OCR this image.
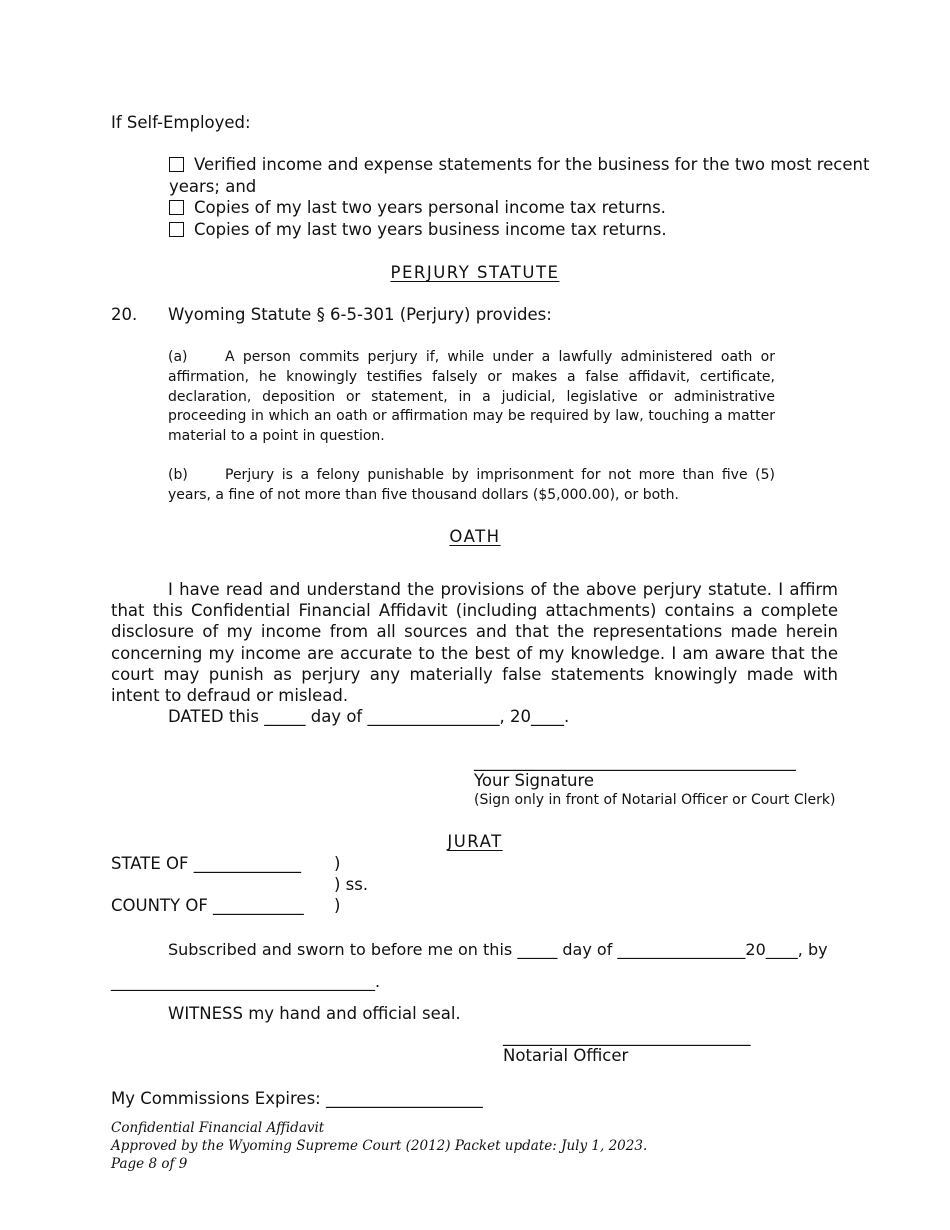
If Self-Employed:
Verified income and expense statements for the business for the two most recent
years; and
Copies of my last two years personal income tax returns.
Copies of my last two years business income tax returns.
PERJURY STATUTE
20. Wyoming Statute § 6-5-301 (Perjury) provides:
(a)	A person commits perjury if, while under a lawfully administered oath or affirmation, he knowingly testifies falsely or makes a false affidavit, certificate, declaration, deposition or statement, in a judicial, legislative or administrative proceeding in which an oath or affirmation may be required by law, touching a matter material to a point in question.
(b)	Perjury is a felony punishable by imprisonment for not more than five (5) years, a fine of not more than five thousand dollars ($5,000.00), or both.
OATH
I have read and understand the provisions of the above perjury statute. I affirm that this Confidential Financial Affidavit (including attachments) contains a complete disclosure of my income from all sources and that the representations made herein concerning my income are accurate to the best of my knowledge. I am aware that the court may punish as perjury any materially false statements knowingly made with intent to defraud or mislead.
DATED this _____ day of ________________, 20____.
_______________________________________
Your Signature
(Sign only in front of Notarial Officer or Court Clerk)
JURAT
STATE OF _____________ )
) ss.
COUNTY OF ___________ )
Subscribed and sworn to before me on this _____ day of ________________20____, by
_________________________________.
WITNESS my hand and official seal.
______________________________
Notarial Officer
My Commissions Expires: ___________________
Confidential Financial Affidavit
Approved by the Wyoming Supreme Court (2012) Packet update: July 1, 2023.
Page 8 of 9
